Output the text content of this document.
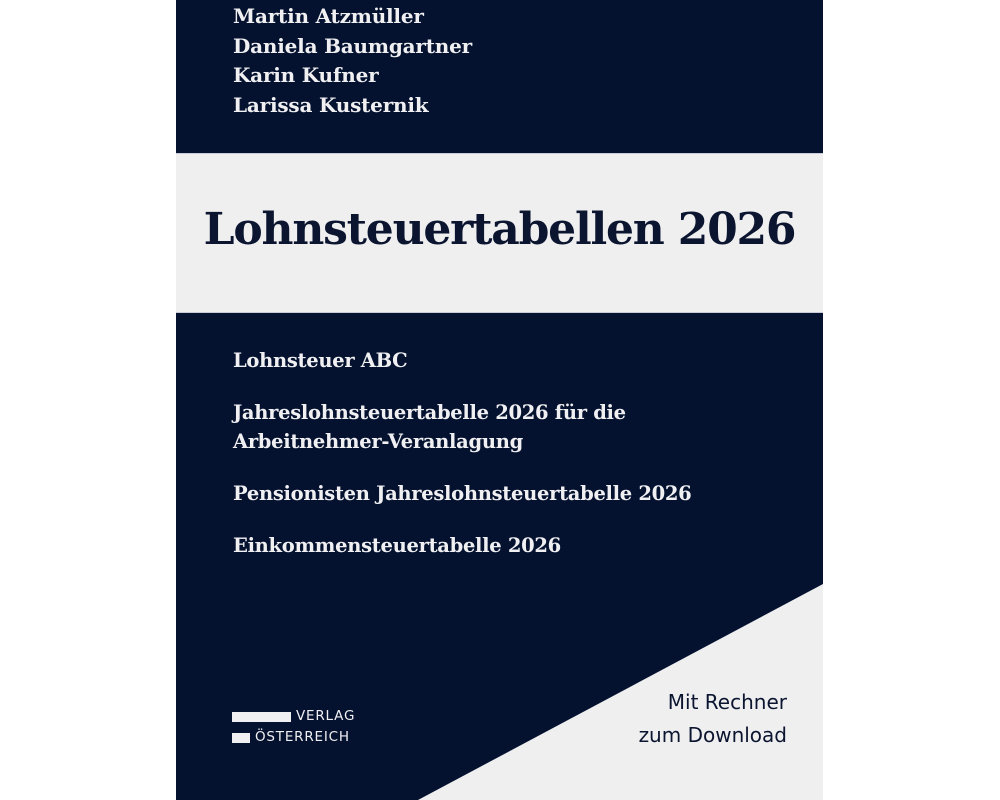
Martin Atzmüller
Daniela Baumgartner
Karin Kufner
Larissa Kusternik
Lohnsteuertabellen 2026
Lohnsteuer ABC
Jahreslohnsteuertabelle 2026 für die
Arbeitnehmer-Veranlagung
Pensionisten Jahreslohnsteuertabelle 2026
Einkommensteuertabelle 2026
VERLAG
ÖSTERREICH
Mit Rechner
zum Download
